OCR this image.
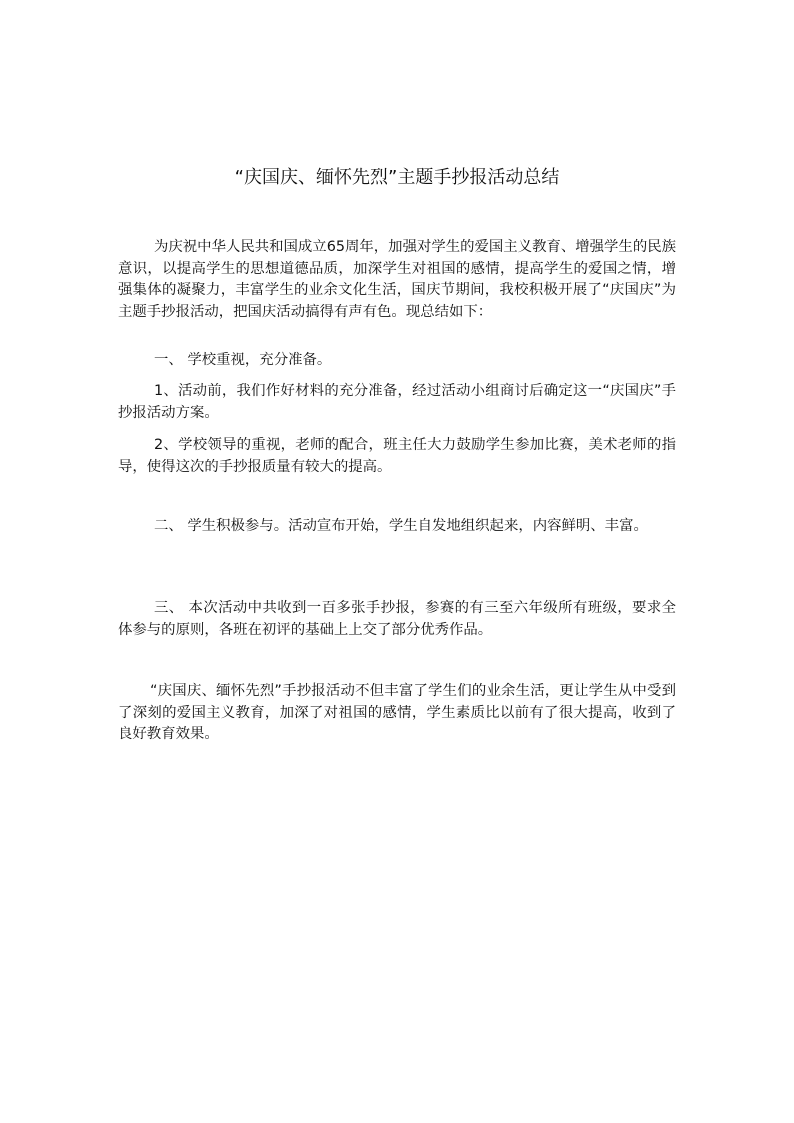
“庆国庆、缅怀先烈”主题手抄报活动总结

为庆祝中华人民共和国成立65周年，加强对学生的爱国主义教育、增强学生的民族意识，以提高学生的思想道德品质，加深学生对祖国的感情，提高学生的爱国之情，增强集体的凝聚力，丰富学生的业余文化生活，国庆节期间，我校积极开展了“庆国庆”为主题手抄报活动，把国庆活动搞得有声有色。现总结如下：

一、 学校重视，充分准备。

1、活动前，我们作好材料的充分准备，经过活动小组商讨后确定这一“庆国庆”手抄报活动方案。

2、学校领导的重视，老师的配合，班主任大力鼓励学生参加比赛，美术老师的指导，使得这次的手抄报质量有较大的提高。

二、 学生积极参与。活动宣布开始，学生自发地组织起来，内容鲜明、丰富。

三、 本次活动中共收到一百多张手抄报，参赛的有三至六年级所有班级，要求全体参与的原则，各班在初评的基础上上交了部分优秀作品。

“庆国庆、缅怀先烈”手抄报活动不但丰富了学生们的业余生活，更让学生从中受到了深刻的爱国主义教育，加深了对祖国的感情，学生素质比以前有了很大提高，收到了良好教育效果。
